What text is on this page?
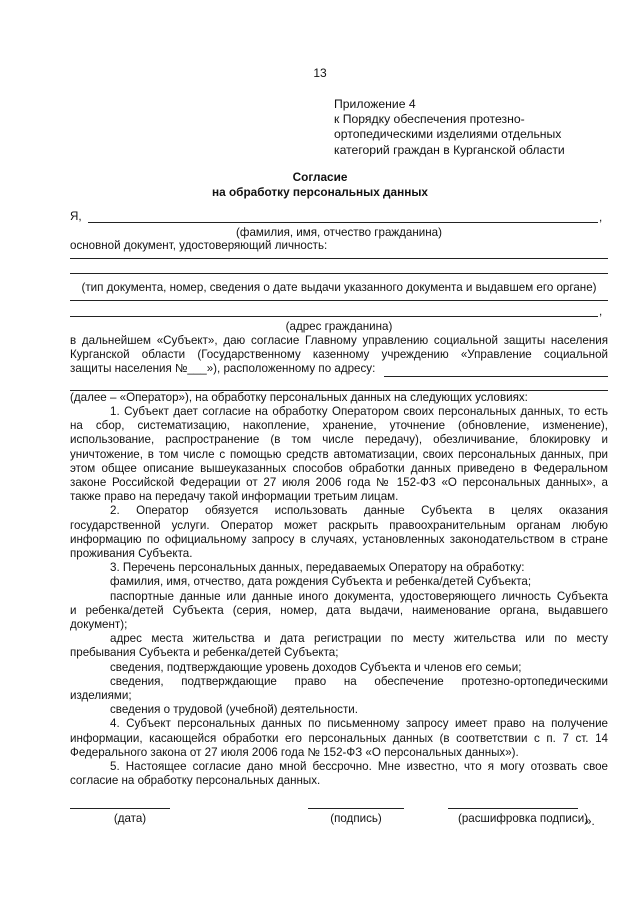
13
Приложение 4
к Порядку обеспечения протезно-
ортопедическими изделиями отдельных
категорий граждан в Курганской области
Согласие
на обработку персональных данных
Я,	,
(фамилия, имя, отчество гражданина)
основной документ, удостоверяющий личность:
(тип документа, номер, сведения о дате выдачи указанного документа и выдавшем его органе)
,
(адрес гражданина)
в дальнейшем «Субъект», даю согласие Главному управлению социальной защиты населения
Курганской области (Государственному казенному учреждению «Управление социальной
защиты населения №___»), расположенному по адресу:
(далее – «Оператор»), на обработку персональных данных на следующих условиях:
1. Субъект дает согласие на обработку Оператором своих персональных данных, то есть
на сбор, систематизацию, накопление, хранение, уточнение (обновление, изменение),
использование, распространение (в том числе передачу), обезличивание, блокировку и
уничтожение, в том числе с помощью средств автоматизации, своих персональных данных, при
этом общее описание вышеуказанных способов обработки данных приведено в Федеральном
законе Российской Федерации от 27 июля 2006 года № 152-ФЗ «О персональных данных», а
также право на передачу такой информации третьим лицам.
2. Оператор обязуется использовать данные Субъекта в целях оказания
государственной услуги. Оператор может раскрыть правоохранительным органам любую
информацию по официальному запросу в случаях, установленных законодательством в стране
проживания Субъекта.
3. Перечень персональных данных, передаваемых Оператору на обработку:
фамилия, имя, отчество, дата рождения Субъекта и ребенка/детей Субъекта;
паспортные данные или данные иного документа, удостоверяющего личность Субъекта
и ребенка/детей Субъекта (серия, номер, дата выдачи, наименование органа, выдавшего
документ);
адрес места жительства и дата регистрации по месту жительства или по месту
пребывания Субъекта и ребенка/детей Субъекта;
сведения, подтверждающие уровень доходов Субъекта и членов его семьи;
сведения, подтверждающие право на обеспечение протезно-ортопедическими
изделиями;
сведения о трудовой (учебной) деятельности.
4. Субъект персональных данных по письменному запросу имеет право на получение
информации, касающейся обработки его персональных данных (в соответствии с п. 7 ст. 14
Федерального закона от 27 июля 2006 года № 152-ФЗ «О персональных данных»).
5. Настоящее согласие дано мной бессрочно. Мне известно, что я могу отозвать свое
согласие на обработку персональных данных.
(дата)	(подпись)	(расшифровка подписи)
».
